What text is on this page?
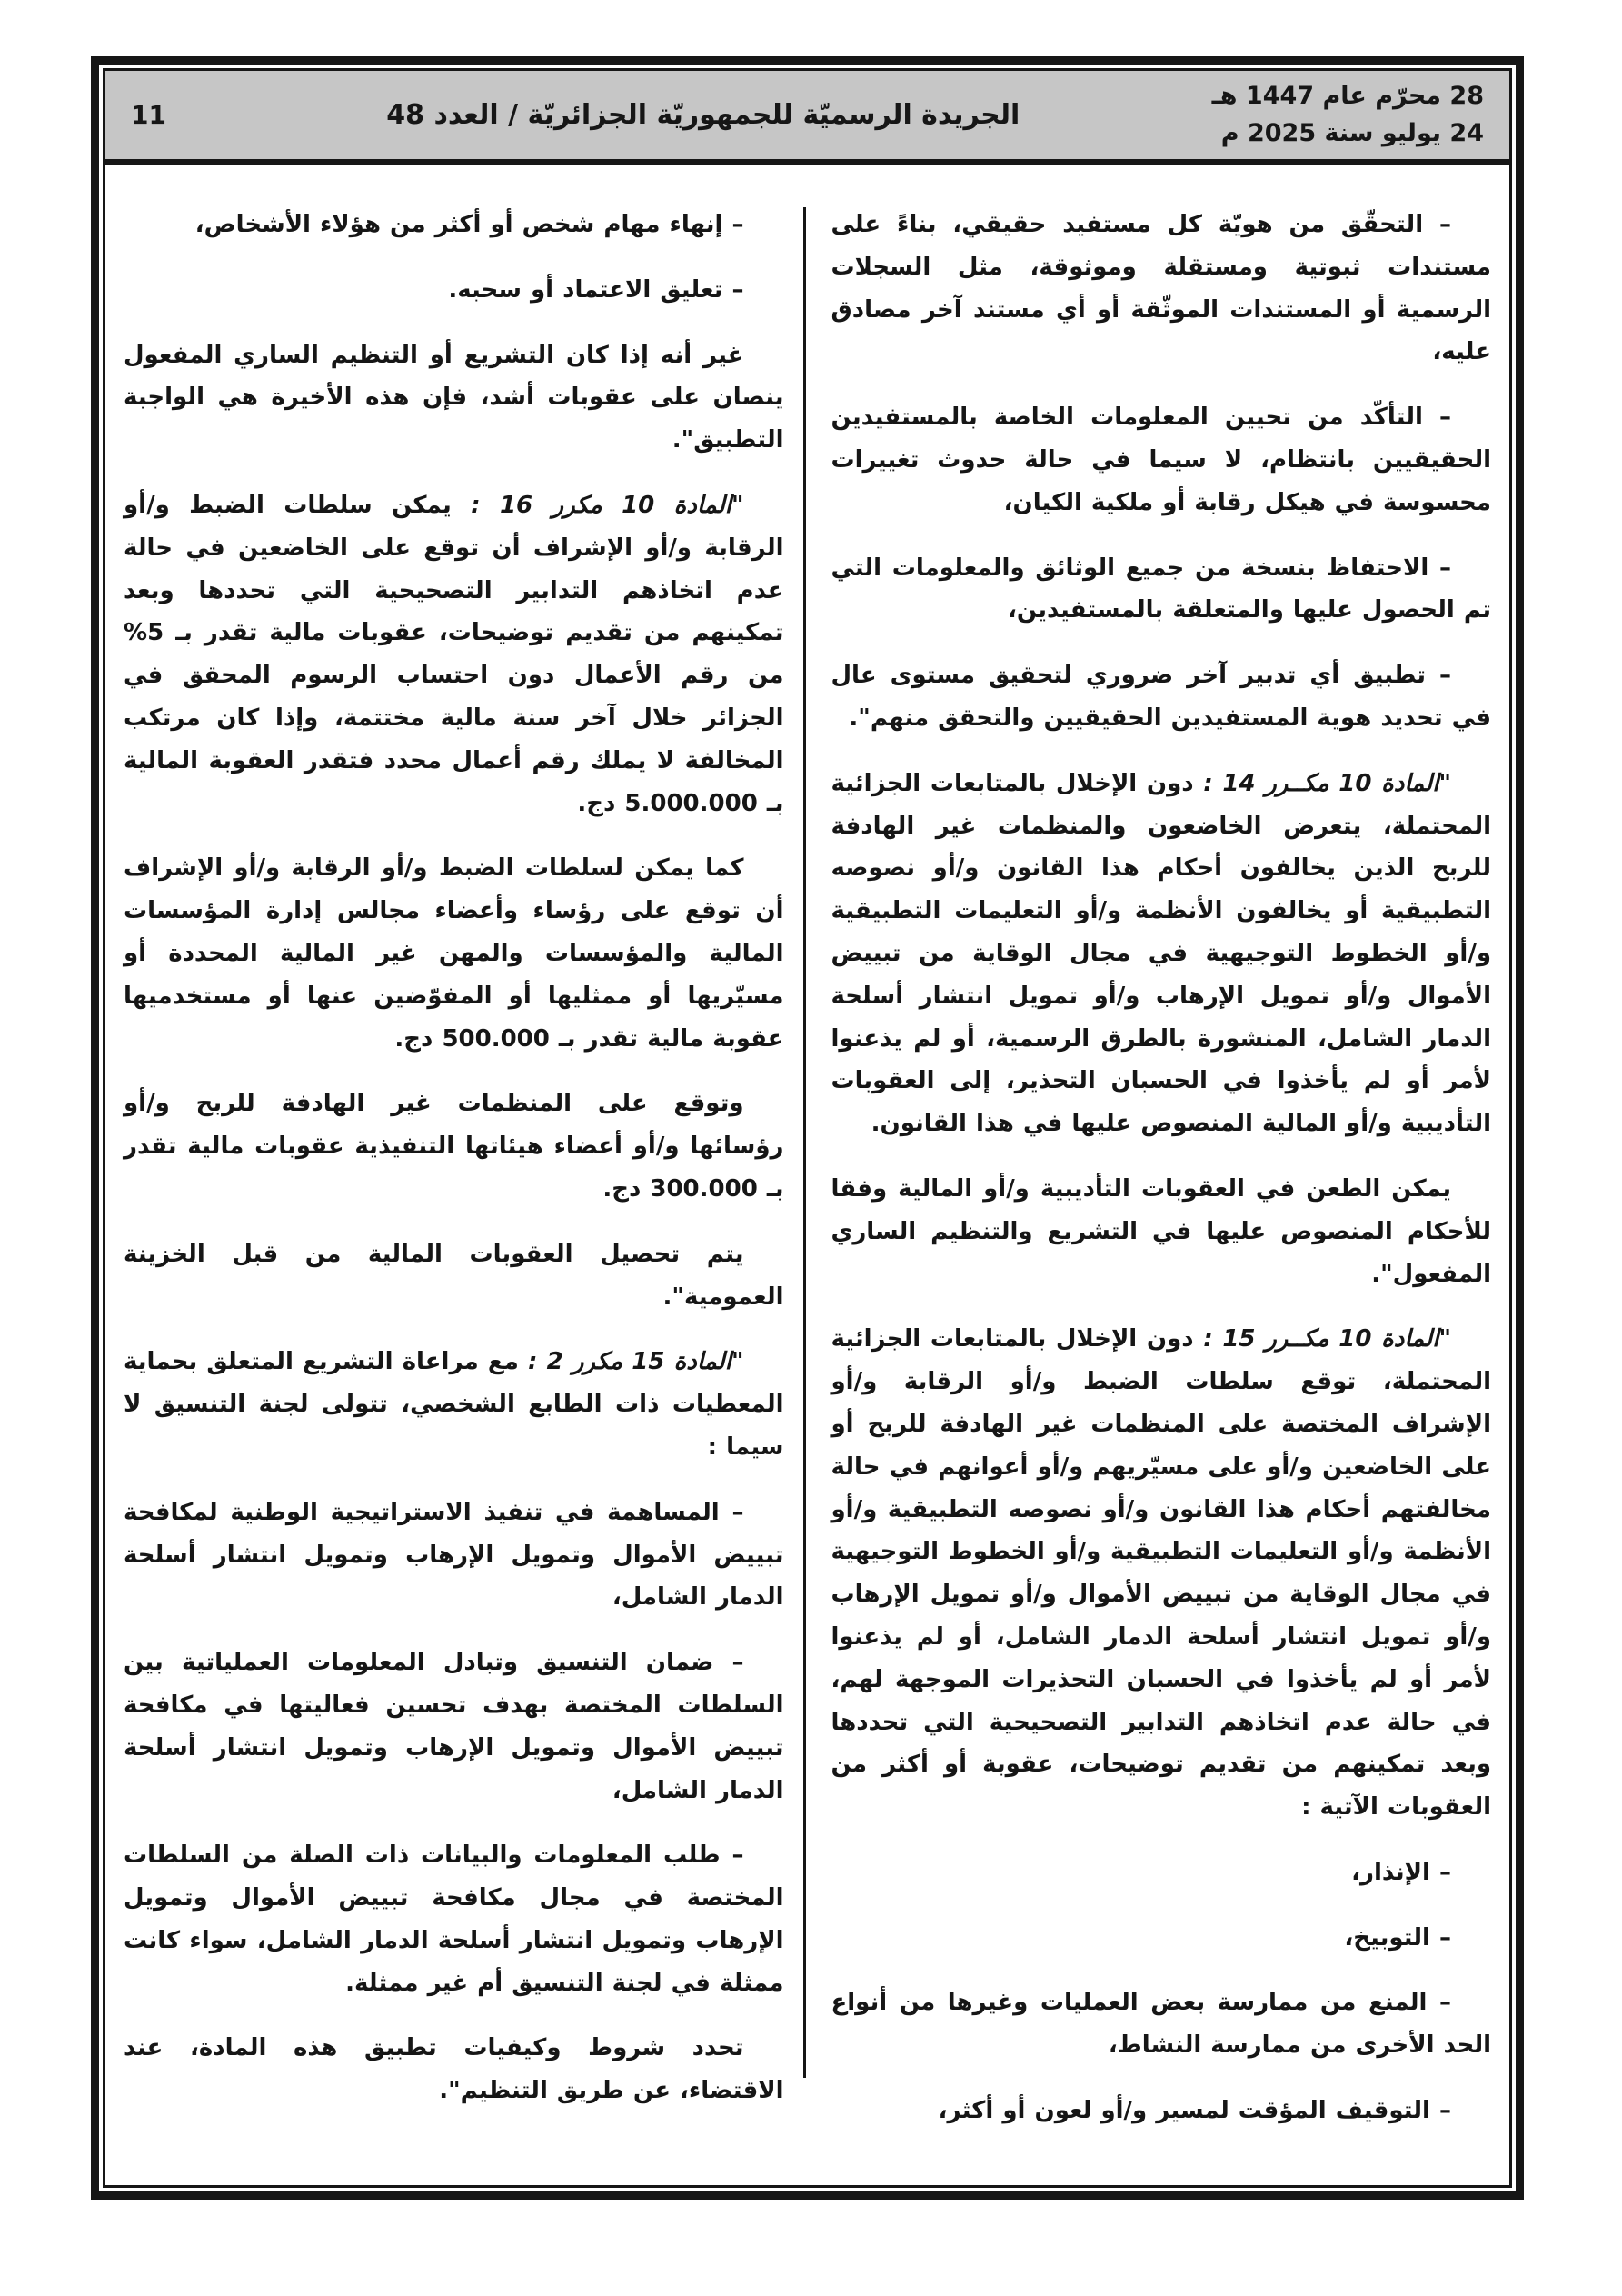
28 محرّم عام 1447 هـ
24 يوليو سنة 2025 م
الجريدة الرسميّة للجمهوريّة الجزائريّة / العدد 48
11

– التحقّق من هويّة كل مستفيد حقيقي، بناءً على مستندات ثبوتية ومستقلة وموثوقة، مثل السجلات الرسمية أو المستندات الموثّقة أو أي مستند آخر مصادق عليه،

– التأكّد من تحيين المعلومات الخاصة بالمستفيدين الحقيقيين بانتظام، لا سيما في حالة حدوث تغييرات محسوسة في هيكل رقابة أو ملكية الكيان،

– الاحتفاظ بنسخة من جميع الوثائق والمعلومات التي تم الحصول عليها والمتعلقة بالمستفيدين،

– تطبيق أي تدبير آخر ضروري لتحقيق مستوى عال في تحديد هوية المستفيدين الحقيقيين والتحقق منهم".

"المادة 10 مكــرر 14 : دون الإخلال بالمتابعات الجزائية المحتملة، يتعرض الخاضعون والمنظمات غير الهادفة للربح الذين يخالفون أحكام هذا القانون و/أو نصوصه التطبيقية أو يخالفون الأنظمة و/أو التعليمات التطبيقية و/أو الخطوط التوجيهية في مجال الوقاية من تبييض الأموال و/أو تمويل الإرهاب و/أو تمويل انتشار أسلحة الدمار الشامل، المنشورة بالطرق الرسمية، أو لم يذعنوا لأمر أو لم يأخذوا في الحسبان التحذير، إلى العقوبات التأديبية و/أو المالية المنصوص عليها في هذا القانون.

يمكن الطعن في العقوبات التأديبية و/أو المالية وفقا للأحكام المنصوص عليها في التشريع والتنظيم الساري المفعول".

"المادة 10 مكــرر 15 : دون الإخلال بالمتابعات الجزائية المحتملة، توقع سلطات الضبط و/أو الرقابة و/أو الإشراف المختصة على المنظمات غير الهادفة للربح أو على الخاضعين و/أو على مسيّريهم و/أو أعوانهم في حالة مخالفتهم أحكام هذا القانون و/أو نصوصه التطبيقية و/أو الأنظمة و/أو التعليمات التطبيقية و/أو الخطوط التوجيهية في مجال الوقاية من تبييض الأموال و/أو تمويل الإرهاب و/أو تمويل انتشار أسلحة الدمار الشامل، أو لم يذعنوا لأمر أو لم يأخذوا في الحسبان التحذيرات الموجهة لهم، في حالة عدم اتخاذهم التدابير التصحيحية التي تحددها وبعد تمكينهم من تقديم توضيحات، عقوبة أو أكثر من العقوبات الآتية :

– الإنذار،

– التوبيخ،

– المنع من ممارسة بعض العمليات وغيرها من أنواع الحد الأخرى من ممارسة النشاط،

– التوقيف المؤقت لمسير و/أو لعون أو أكثر،

– إنهاء مهام شخص أو أكثر من هؤلاء الأشخاص،

– تعليق الاعتماد أو سحبه.

غير أنه إذا كان التشريع أو التنظيم الساري المفعول ينصان على عقوبات أشد، فإن هذه الأخيرة هي الواجبة التطبيق".

"المادة 10 مكرر 16 : يمكن سلطات الضبط و/أو الرقابة و/أو الإشراف أن توقع على الخاضعين في حالة عدم اتخاذهم التدابير التصحيحية التي تحددها وبعد تمكينهم من تقديم توضيحات، عقوبات مالية تقدر بـ 5% من رقم الأعمال دون احتساب الرسوم المحقق في الجزائر خلال آخر سنة مالية مختتمة، وإذا كان مرتكب المخالفة لا يملك رقم أعمال محدد فتقدر العقوبة المالية بـ 5.000.000 دج.

كما يمكن لسلطات الضبط و/أو الرقابة و/أو الإشراف أن توقع على رؤساء وأعضاء مجالس إدارة المؤسسات المالية والمؤسسات والمهن غير المالية المحددة أو مسيّريها أو ممثليها أو المفوّضين عنها أو مستخدميها عقوبة مالية تقدر بـ 500.000 دج.

وتوقع على المنظمات غير الهادفة للربح و/أو رؤسائها و/أو أعضاء هيئاتها التنفيذية عقوبات مالية تقدر بـ 300.000 دج.

يتم تحصيل العقوبات المالية من قبل الخزينة العمومية".

"المادة 15 مكرر 2 : مع مراعاة التشريع المتعلق بحماية المعطيات ذات الطابع الشخصي، تتولى لجنة التنسيق لا سيما :

– المساهمة في تنفيذ الاستراتيجية الوطنية لمكافحة تبييض الأموال وتمويل الإرهاب وتمويل انتشار أسلحة الدمار الشامل،

– ضمان التنسيق وتبادل المعلومات العملياتية بين السلطات المختصة بهدف تحسين فعاليتها في مكافحة تبييض الأموال وتمويل الإرهاب وتمويل انتشار أسلحة الدمار الشامل،

– طلب المعلومات والبيانات ذات الصلة من السلطات المختصة في مجال مكافحة تبييض الأموال وتمويل الإرهاب وتمويل انتشار أسلحة الدمار الشامل، سواء كانت ممثلة في لجنة التنسيق أم غير ممثلة.

تحدد شروط وكيفيات تطبيق هذه المادة، عند الاقتضاء، عن طريق التنظيم".
